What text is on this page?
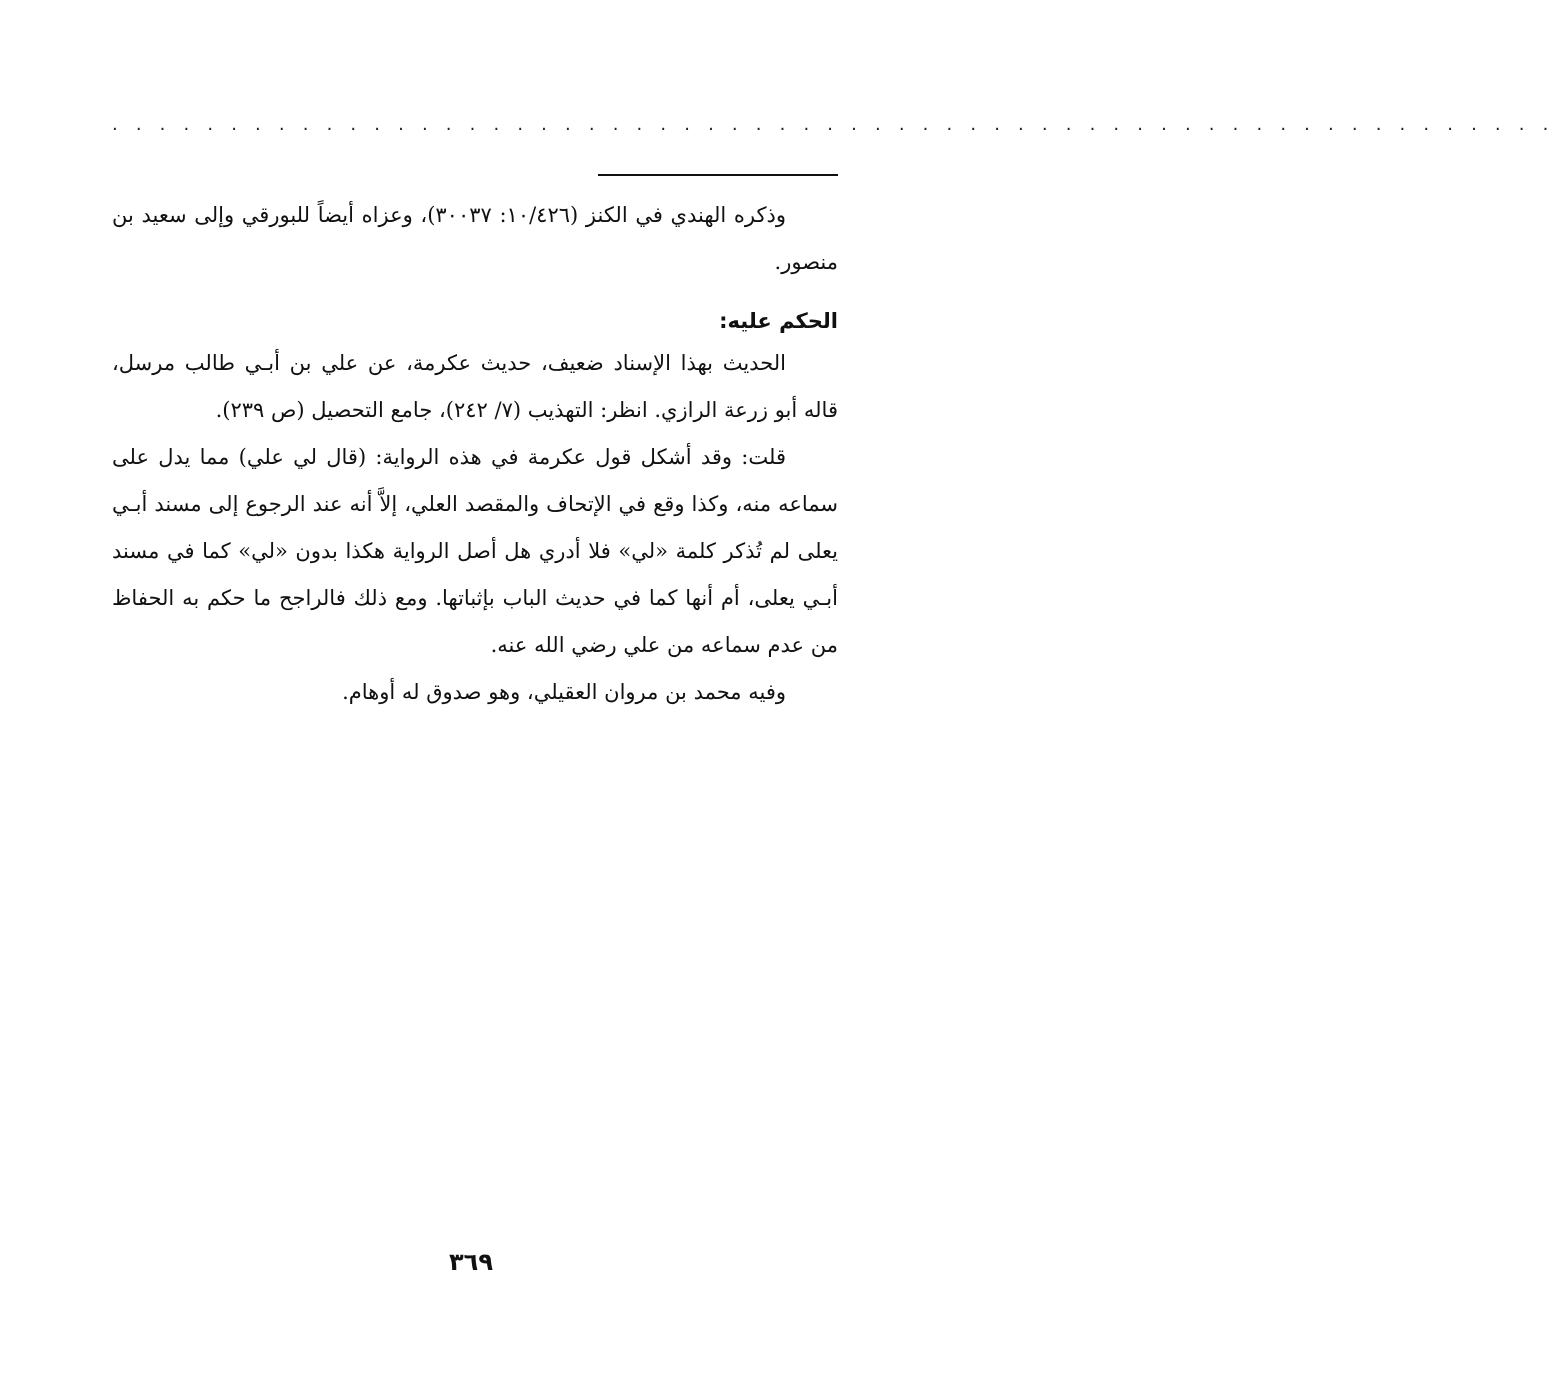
. . . . . . . . . . . . . . . . . . . . . . . . . . . . . . . . . . . . . . . . . . . . . . . . . . . . . . . . . . . . .

وذكره الهندي في الكنز (١٠/٤٢٦: ٣٠٠٣٧)، وعزاه أيضاً للبورقي وإلى سعيد بن منصور.

الحكم عليه:

الحديث بهذا الإسناد ضعيف، حديث عكرمة، عن علي بن أبـي طالب مرسل، قاله أبو زرعة الرازي. انظر: التهذيب (٧/ ٢٤٢)، جامع التحصيل (ص ٢٣٩).

قلت: وقد أشكل قول عكرمة في هذه الرواية: (قال لي علي) مما يدل على سماعه منه، وكذا وقع في الإتحاف والمقصد العلي، إلاَّ أنه عند الرجوع إلى مسند أبـي يعلى لم تُذكر كلمة «لي» فلا أدري هل أصل الرواية هكذا بدون «لي» كما في مسند أبـي يعلى، أم أنها كما في حديث الباب بإثباتها. ومع ذلك فالراجح ما حكم به الحفاظ من عدم سماعه من علي رضي الله عنه.

وفيه محمد بن مروان العقيلي، وهو صدوق له أوهام.

٣٦٩
